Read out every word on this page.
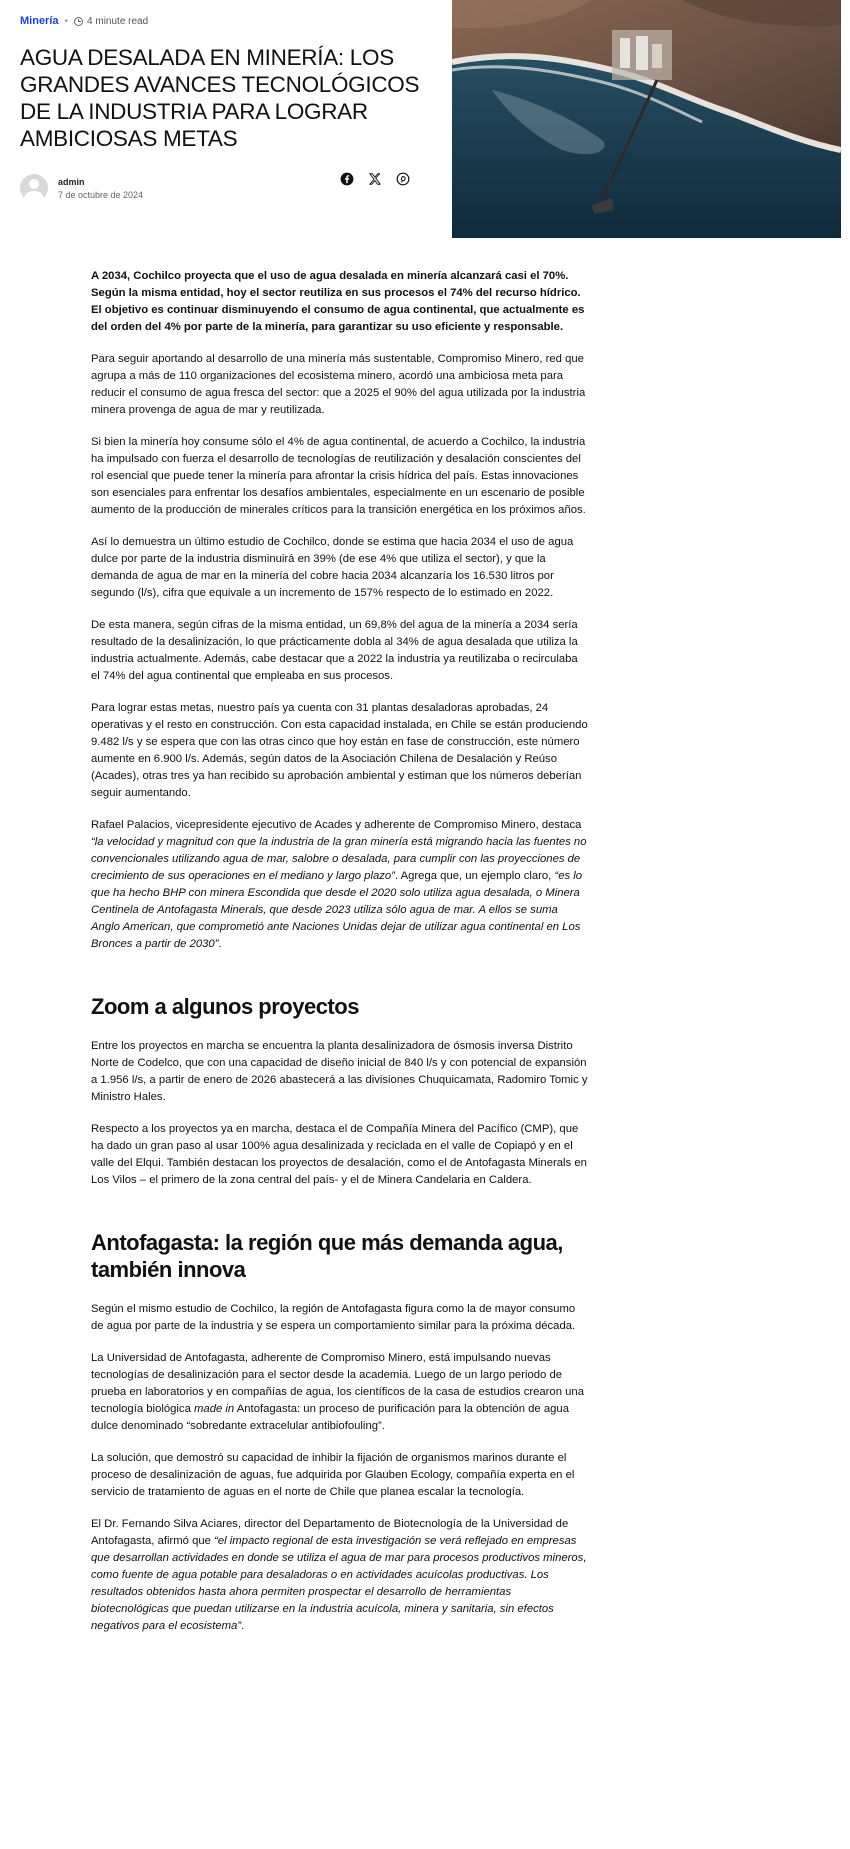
Minería • 4 minute read
AGUA DESALADA EN MINERÍA: LOS GRANDES AVANCES TECNOLÓGICOS DE LA INDUSTRIA PARA LOGRAR AMBICIOSAS METAS
admin
7 de octubre de 2024

A 2034, Cochilco proyecta que el uso de agua desalada en minería alcanzará casi el 70%. Según la misma entidad, hoy el sector reutiliza en sus procesos el 74% del recurso hídrico. El objetivo es continuar disminuyendo el consumo de agua continental, que actualmente es del orden del 4% por parte de la minería, para garantizar su uso eficiente y responsable.

Para seguir aportando al desarrollo de una minería más sustentable, Compromiso Minero, red que agrupa a más de 110 organizaciones del ecosistema minero, acordó una ambiciosa meta para reducir el consumo de agua fresca del sector: que a 2025 el 90% del agua utilizada por la industria minera provenga de agua de mar y reutilizada.

Si bien la minería hoy consume sólo el 4% de agua continental, de acuerdo a Cochilco, la industria ha impulsado con fuerza el desarrollo de tecnologías de reutilización y desalación conscientes del rol esencial que puede tener la minería para afrontar la crisis hídrica del país. Estas innovaciones son esenciales para enfrentar los desafíos ambientales, especialmente en un escenario de posible aumento de la producción de minerales críticos para la transición energética en los próximos años.

Así lo demuestra un último estudio de Cochilco, donde se estima que hacia 2034 el uso de agua dulce por parte de la industria disminuirá en 39% (de ese 4% que utiliza el sector), y que la demanda de agua de mar en la minería del cobre hacia 2034 alcanzaría los 16.530 litros por segundo (l/s), cifra que equivale a un incremento de 157% respecto de lo estimado en 2022.

De esta manera, según cifras de la misma entidad, un 69,8% del agua de la minería a 2034 sería resultado de la desalinización, lo que prácticamente dobla al 34% de agua desalada que utiliza la industria actualmente. Además, cabe destacar que a 2022 la industria ya reutilizaba o recirculaba el 74% del agua continental que empleaba en sus procesos.

Para lograr estas metas, nuestro país ya cuenta con 31 plantas desaladoras aprobadas, 24 operativas y el resto en construcción. Con esta capacidad instalada, en Chile se están produciendo 9.482 l/s y se espera que con las otras cinco que hoy están en fase de construcción, este número aumente en 6.900 l/s. Además, según datos de la Asociación Chilena de Desalación y Reúso (Acades), otras tres ya han recibido su aprobación ambiental y estiman que los números deberían seguir aumentando.

Rafael Palacios, vicepresidente ejecutivo de Acades y adherente de Compromiso Minero, destaca “la velocidad y magnitud con que la industria de la gran minería está migrando hacia las fuentes no convencionales utilizando agua de mar, salobre o desalada, para cumplir con las proyecciones de crecimiento de sus operaciones en el mediano y largo plazo”. Agrega que, un ejemplo claro, “es lo que ha hecho BHP con minera Escondida que desde el 2020 solo utiliza agua desalada, o Minera Centinela de Antofagasta Minerals, que desde 2023 utiliza sólo agua de mar. A ellos se suma Anglo American, que comprometió ante Naciones Unidas dejar de utilizar agua continental en Los Bronces a partir de 2030”.

Zoom a algunos proyectos

Entre los proyectos en marcha se encuentra la planta desalinizadora de ósmosis inversa Distrito Norte de Codelco, que con una capacidad de diseño inicial de 840 l/s y con potencial de expansión a 1.956 l/s, a partir de enero de 2026 abastecerá a las divisiones Chuquicamata, Radomiro Tomic y Ministro Hales.

Respecto a los proyectos ya en marcha, destaca el de Compañía Minera del Pacífico (CMP), que ha dado un gran paso al usar 100% agua desalinizada y reciclada en el valle de Copiapó y en el valle del Elqui. También destacan los proyectos de desalación, como el de Antofagasta Minerals en Los Vilos – el primero de la zona central del país- y el de Minera Candelaria en Caldera.

Antofagasta: la región que más demanda agua, también innova

Según el mismo estudio de Cochilco, la región de Antofagasta figura como la de mayor consumo de agua por parte de la industria y se espera un comportamiento similar para la próxima década.

La Universidad de Antofagasta, adherente de Compromiso Minero, está impulsando nuevas tecnologías de desalinización para el sector desde la academia. Luego de un largo periodo de prueba en laboratorios y en compañías de agua, los científicos de la casa de estudios crearon una tecnología biológica made in Antofagasta: un proceso de purificación para la obtención de agua dulce denominado “sobredante extracelular antibiofouling”.

La solución, que demostró su capacidad de inhibir la fijación de organismos marinos durante el proceso de desalinización de aguas, fue adquirida por Glauben Ecology, compañía experta en el servicio de tratamiento de aguas en el norte de Chile que planea escalar la tecnología.

El Dr. Fernando Silva Aciares, director del Departamento de Biotecnología de la Universidad de Antofagasta, afirmó que “el impacto regional de esta investigación se verá reflejado en empresas que desarrollan actividades en donde se utiliza el agua de mar para procesos productivos mineros, como fuente de agua potable para desaladoras o en actividades acuícolas productivas. Los resultados obtenidos hasta ahora permiten prospectar el desarrollo de herramientas biotecnológicas que puedan utilizarse en la industria acuícola, minera y sanitaria, sin efectos negativos para el ecosistema”.
